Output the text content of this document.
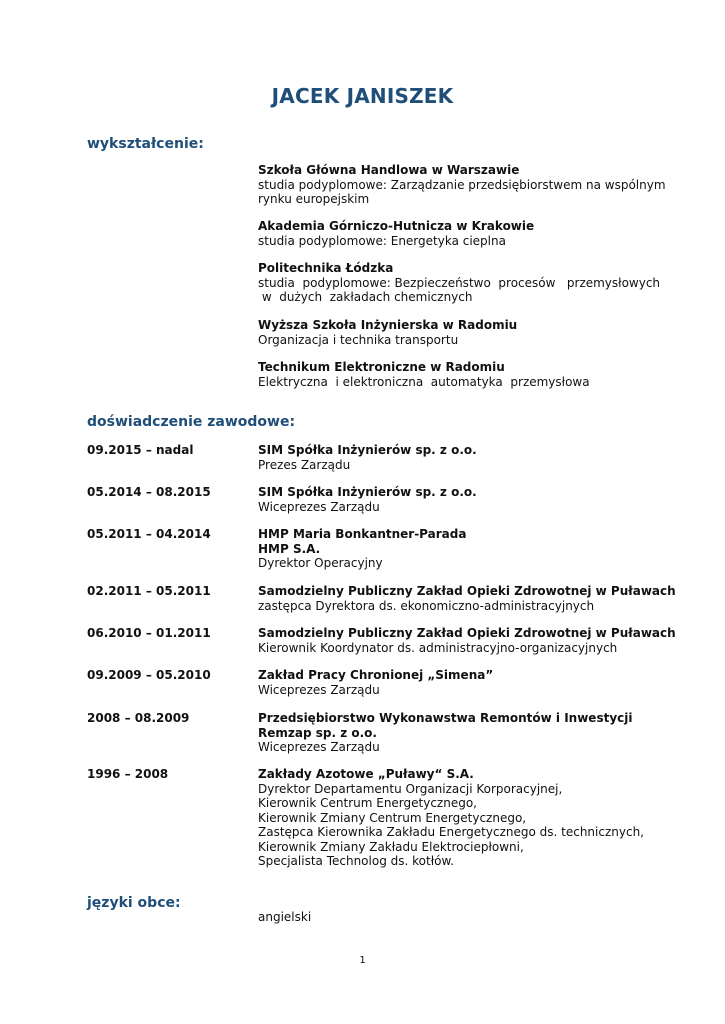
JACEK JANISZEK
wykształcenie:
Szkoła Główna Handlowa w Warszawie
studia podyplomowe: Zarządzanie przedsiębiorstwem na wspólnym
rynku europejskim
Akademia Górniczo-Hutnicza w Krakowie
studia podyplomowe: Energetyka cieplna
Politechnika Łódzka
studia  podyplomowe: Bezpieczeństwo  procesów   przemysłowych
w  dużych  zakładach chemicznych
Wyższa Szkoła Inżynierska w Radomiu
Organizacja i technika transportu
Technikum Elektroniczne w Radomiu
Elektryczna  i elektroniczna  automatyka  przemysłowa
doświadczenie zawodowe:
09.2015 – nadal	SIM Spółka Inżynierów sp. z o.o.
Prezes Zarządu
05.2014 – 08.2015	SIM Spółka Inżynierów sp. z o.o.
Wiceprezes Zarządu
05.2011 – 04.2014	HMP Maria Bonkantner-Parada
HMP S.A.
Dyrektor Operacyjny
02.2011 – 05.2011	Samodzielny Publiczny Zakład Opieki Zdrowotnej w Puławach
zastępca Dyrektora ds. ekonomiczno-administracyjnych
06.2010 – 01.2011	Samodzielny Publiczny Zakład Opieki Zdrowotnej w Puławach
Kierownik Koordynator ds. administracyjno-organizacyjnych
09.2009 – 05.2010	Zakład Pracy Chronionej „Simena”
Wiceprezes Zarządu
2008 – 08.2009	Przedsiębiorstwo Wykonawstwa Remontów i Inwestycji
Remzap sp. z o.o.
Wiceprezes Zarządu
1996 – 2008	Zakłady Azotowe „Puławy“ S.A.
Dyrektor Departamentu Organizacji Korporacyjnej,
Kierownik Centrum Energetycznego,
Kierownik Zmiany Centrum Energetycznego,
Zastępca Kierownika Zakładu Energetycznego ds. technicznych,
Kierownik Zmiany Zakładu Elektrociepłowni,
Specjalista Technolog ds. kotłów.
języki obce:
angielski
1
